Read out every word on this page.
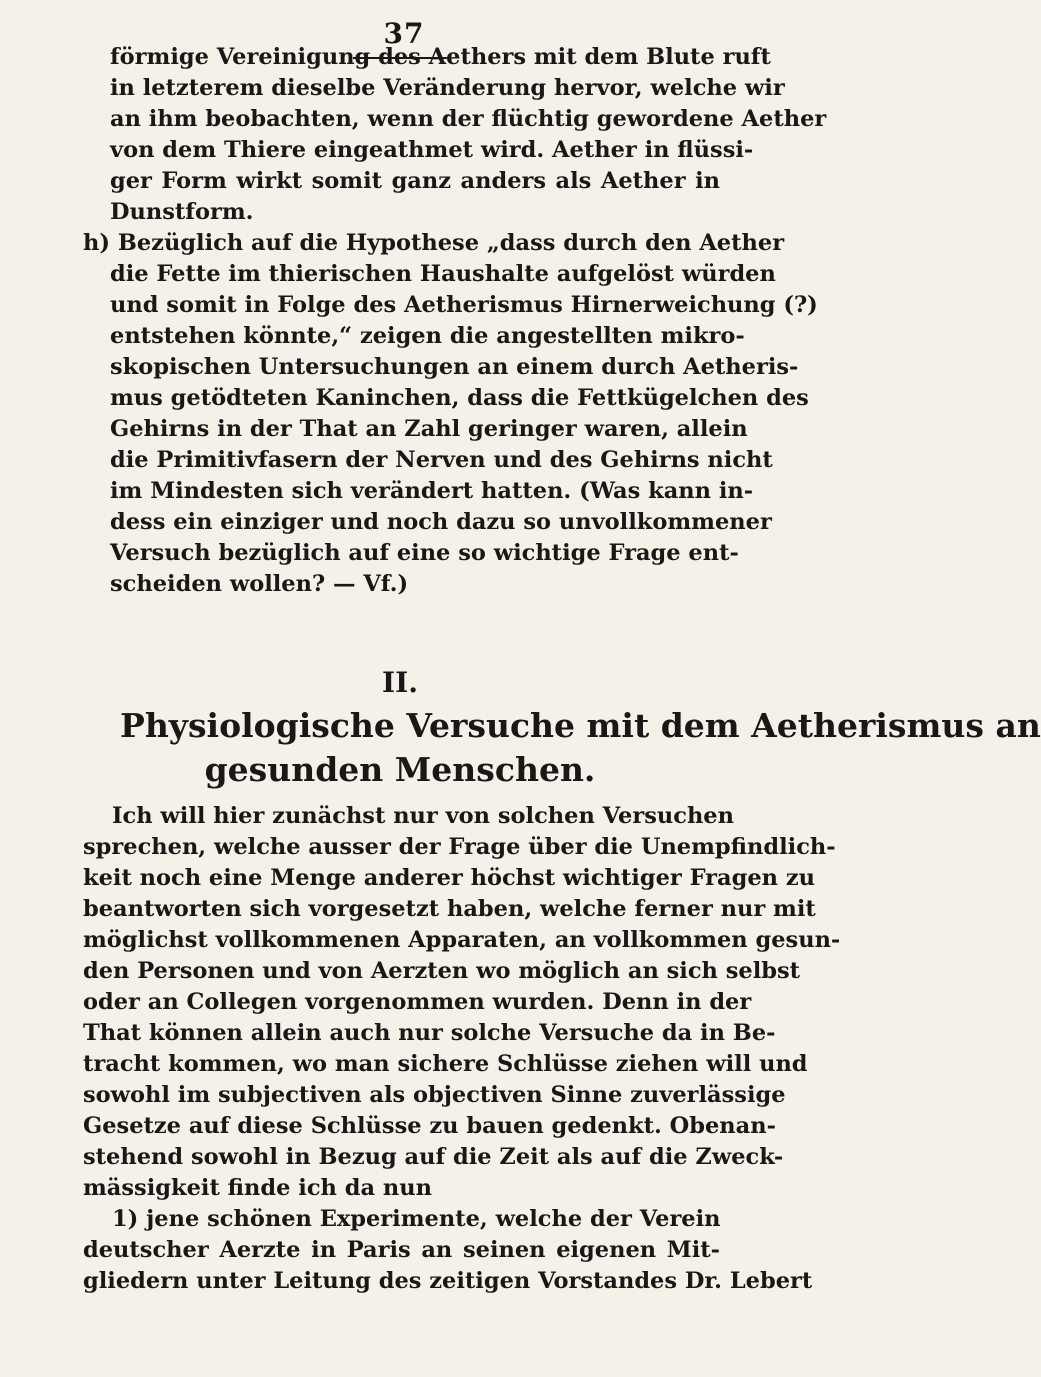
37
förmige Vereinigung des Aethers mit dem Blute ruft
in letzterem dieselbe Veränderung hervor, welche wir
an ihm beobachten, wenn der flüchtig gewordene Aether
von dem Thiere eingeathmet wird. Aether in flüssi-
ger Form wirkt somit ganz anders als Aether in
Dunstform.
h) Bezüglich auf die Hypothese „dass durch den Aether
die Fette im thierischen Haushalte aufgelöst würden
und somit in Folge des Aetherismus Hirnerweichung (?)
entstehen könnte,“ zeigen die angestellten mikro-
skopischen Untersuchungen an einem durch Aetheris-
mus getödteten Kaninchen, dass die Fettkügelchen des
Gehirns in der That an Zahl geringer waren, allein
die Primitivfasern der Nerven und des Gehirns nicht
im Mindesten sich verändert hatten. (Was kann in-
dess ein einziger und noch dazu so unvollkommener
Versuch bezüglich auf eine so wichtige Frage ent-
scheiden wollen? — Vf.)
II.
Physiologische Versuche mit dem Aetherismus an
gesunden Menschen.
Ich will hier zunächst nur von solchen Versuchen
sprechen, welche ausser der Frage über die Unempfindlich-
keit noch eine Menge anderer höchst wichtiger Fragen zu
beantworten sich vorgesetzt haben, welche ferner nur mit
möglichst vollkommenen Apparaten, an vollkommen gesun-
den Personen und von Aerzten wo möglich an sich selbst
oder an Collegen vorgenommen wurden. Denn in der
That können allein auch nur solche Versuche da in Be-
tracht kommen, wo man sichere Schlüsse ziehen will und
sowohl im subjectiven als objectiven Sinne zuverlässige
Gesetze auf diese Schlüsse zu bauen gedenkt. Obenan-
stehend sowohl in Bezug auf die Zeit als auf die Zweck-
mässigkeit finde ich da nun
1) jene schönen Experimente, welche der Verein
deutscher Aerzte in Paris an seinen eigenen Mit-
gliedern unter Leitung des zeitigen Vorstandes Dr. Lebert
